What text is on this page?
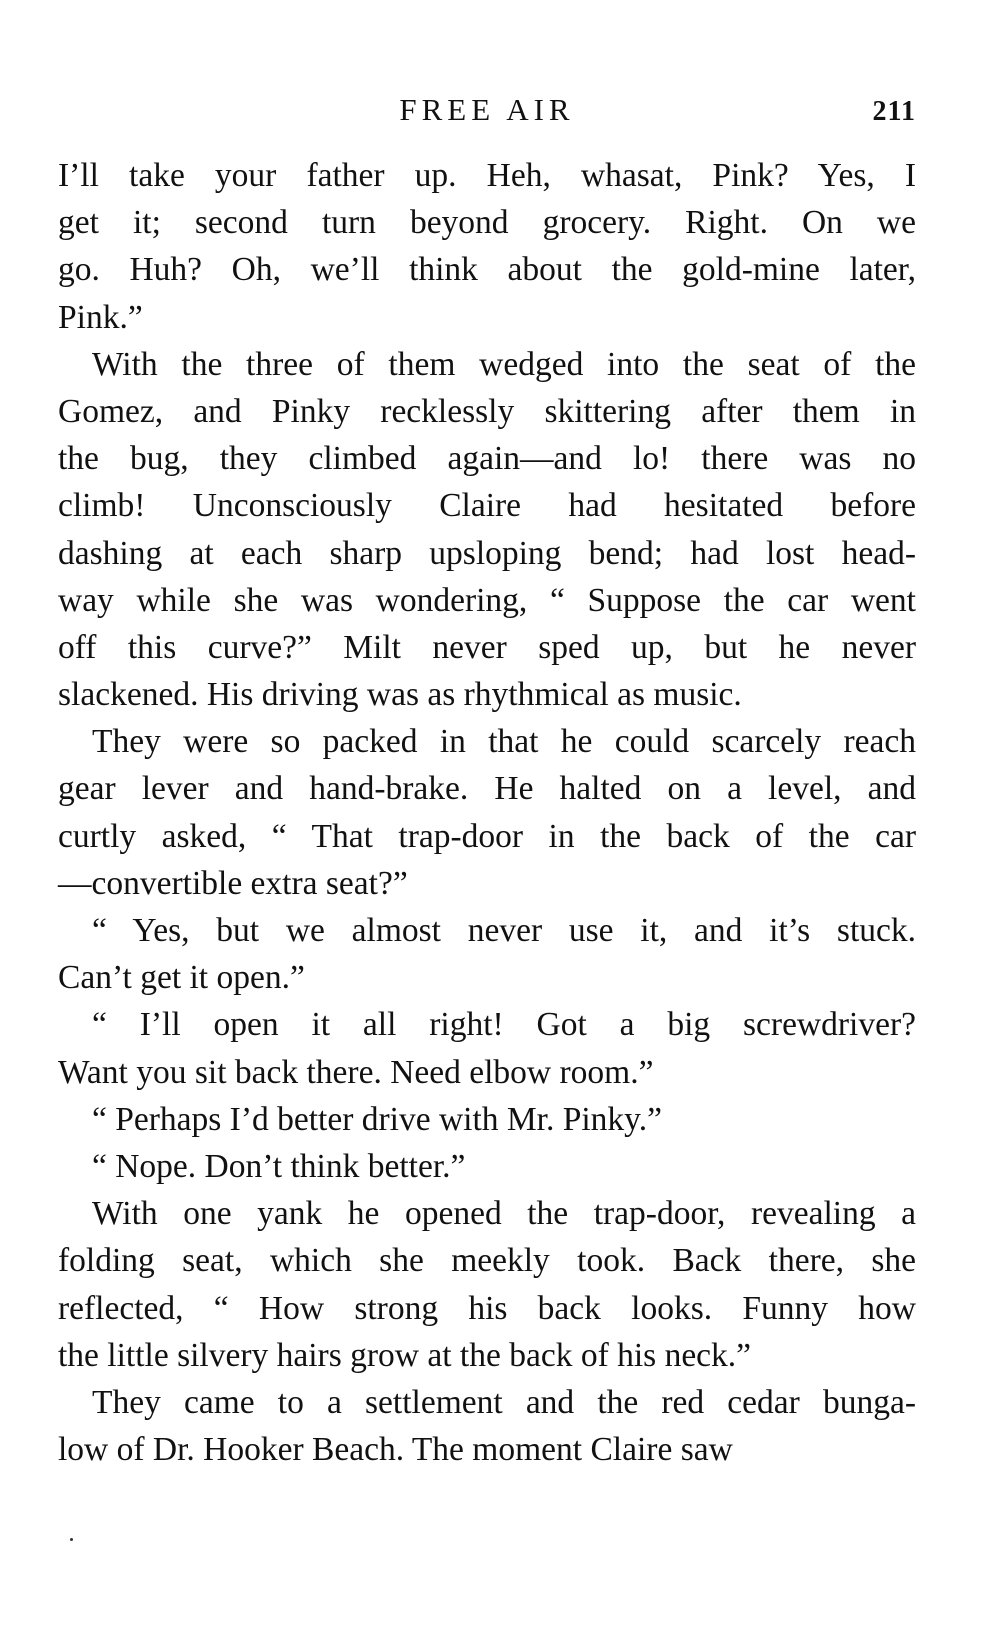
FREE AIR	211
I’ll take your father up. Heh, whasat, Pink? Yes, I
get it; second turn beyond grocery. Right. On we
go. Huh? Oh, we’ll think about the gold-mine later,
Pink.”
With the three of them wedged into the seat of the
Gomez, and Pinky recklessly skittering after them in
the bug, they climbed again—and lo! there was no
climb! Unconsciously Claire had hesitated before
dashing at each sharp upsloping bend; had lost head-
way while she was wondering, “ Suppose the car went
off this curve?” Milt never sped up, but he never
slackened. His driving was as rhythmical as music.
They were so packed in that he could scarcely reach
gear lever and hand-brake. He halted on a level, and
curtly asked, “ That trap-door in the back of the car
—convertible extra seat?”
“ Yes, but we almost never use it, and it’s stuck.
Can’t get it open.”
“ I’ll open it all right! Got a big screwdriver?
Want you sit back there. Need elbow room.”
“ Perhaps I’d better drive with Mr. Pinky.”
“ Nope. Don’t think better.”
With one yank he opened the trap-door, revealing a
folding seat, which she meekly took. Back there, she
reflected, “ How strong his back looks. Funny how
the little silvery hairs grow at the back of his neck.”
They came to a settlement and the red cedar bunga-
low of Dr. Hooker Beach. The moment Claire saw
